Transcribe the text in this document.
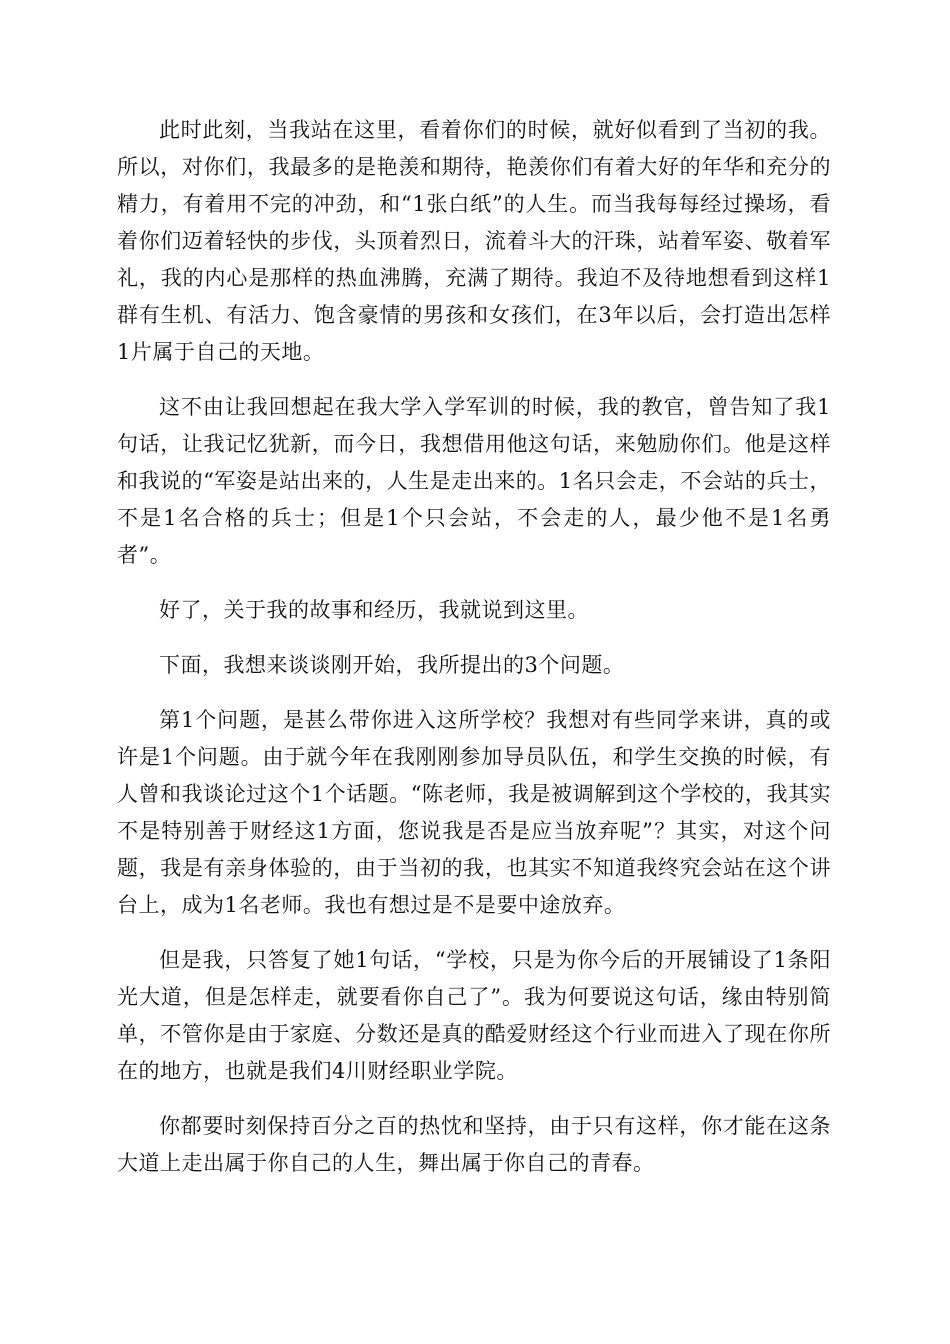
此时此刻，当我站在这里，看着你们的时候，就好似看到了当初的我。所以，对你们，我最多的是艳羡和期待，艳羡你们有着大好的年华和充分的精力，有着用不完的冲劲，和“1张白纸”的人生。而当我每每经过操场，看着你们迈着轻快的步伐，头顶着烈日，流着斗大的汗珠，站着军姿、敬着军礼，我的内心是那样的热血沸腾，充满了期待。我迫不及待地想看到这样1群有生机、有活力、饱含豪情的男孩和女孩们，在3年以后，会打造出怎样1片属于自己的天地。

这不由让我回想起在我大学入学军训的时候，我的教官，曾告知了我1句话，让我记忆犹新，而今日，我想借用他这句话，来勉励你们。他是这样和我说的“军姿是站出来的，人生是走出来的。1名只会走，不会站的兵士，不是1名合格的兵士；但是1个只会站，不会走的人，最少他不是1名勇者”。

好了，关于我的故事和经历，我就说到这里。

下面，我想来谈谈刚开始，我所提出的3个问题。

第1个问题，是甚么带你进入这所学校？我想对有些同学来讲，真的或许是1个问题。由于就今年在我刚刚参加导员队伍，和学生交换的时候，有人曾和我谈论过这个1个话题。“陈老师，我是被调解到这个学校的，我其实不是特别善于财经这1方面，您说我是否是应当放弃呢”？其实，对这个问题，我是有亲身体验的，由于当初的我，也其实不知道我终究会站在这个讲台上，成为1名老师。我也有想过是不是要中途放弃。

但是我，只答复了她1句话，“学校，只是为你今后的开展铺设了1条阳光大道，但是怎样走，就要看你自己了”。我为何要说这句话，缘由特别简单，不管你是由于家庭、分数还是真的酷爱财经这个行业而进入了现在你所在的地方，也就是我们4川财经职业学院。

你都要时刻保持百分之百的热忱和坚持，由于只有这样，你才能在这条大道上走出属于你自己的人生，舞出属于你自己的青春。
